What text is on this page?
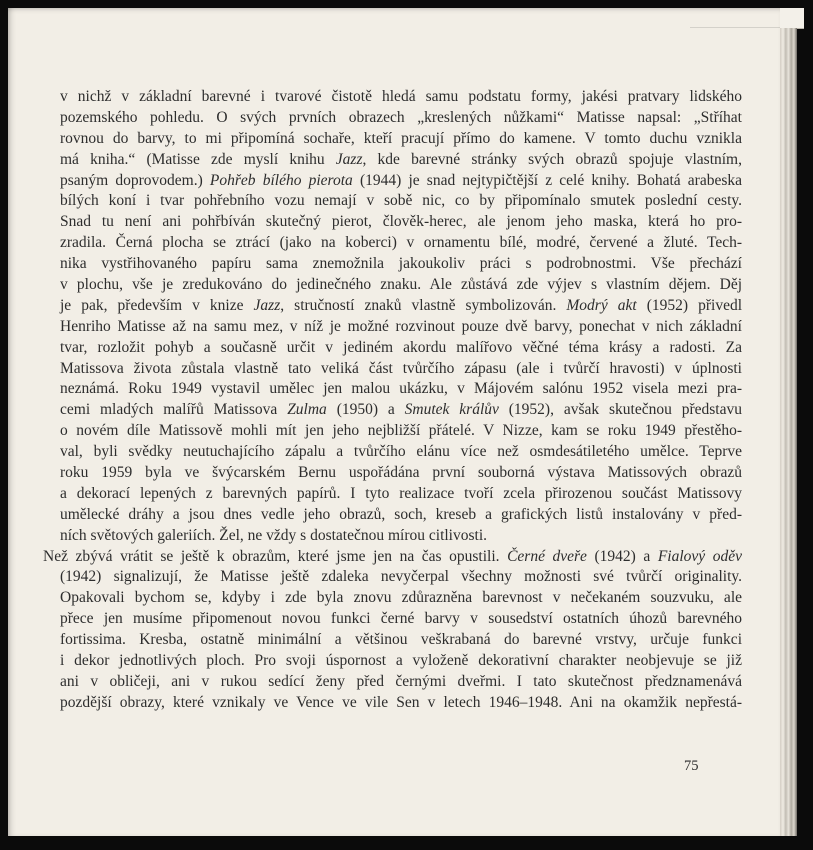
v nichž v základní barevné i tvarové čistotě hledá samu podstatu formy, jakési pratvary lidského
pozemského pohledu. O svých prvních obrazech „kreslených nůžkami“ Matisse napsal: „Stříhat
rovnou do barvy, to mi připomíná sochaře, kteří pracují přímo do kamene. V tomto duchu vznikla
má kniha.“ (Matisse zde myslí knihu Jazz, kde barevné stránky svých obrazů spojuje vlastním,
psaným doprovodem.) Pohřeb bílého pierota (1944) je snad nejtypičtější z celé knihy. Bohatá arabeska
bílých koní i tvar pohřebního vozu nemají v sobě nic, co by připomínalo smutek poslední cesty.
Snad tu není ani pohřbíván skutečný pierot, člověk-herec, ale jenom jeho maska, která ho pro-
zradila. Černá plocha se ztrácí (jako na koberci) v ornamentu bílé, modré, červené a žluté. Tech-
nika vystřihovaného papíru sama znemožnila jakoukoliv práci s podrobnostmi. Vše přechází
v plochu, vše je zredukováno do jedinečného znaku. Ale zůstává zde výjev s vlastním dějem. Děj
je pak, především v knize Jazz, stručností znaků vlastně symbolizován. Modrý akt (1952) přivedl
Henriho Matisse až na samu mez, v níž je možné rozvinout pouze dvě barvy, ponechat v nich základní
tvar, rozložit pohyb a současně určit v jediném akordu malířovo věčné téma krásy a radosti. Za
Matissova života zůstala vlastně tato veliká část tvůrčího zápasu (ale i tvůrčí hravosti) v úplnosti
neznámá. Roku 1949 vystavil umělec jen malou ukázku, v Májovém salónu 1952 visela mezi pra-
cemi mladých malířů Matissova Zulma (1950) a Smutek králův (1952), avšak skutečnou představu
o novém díle Matissově mohli mít jen jeho nejbližší přátelé. V Nizze, kam se roku 1949 přestěho-
val, byli svědky neutuchajícího zápalu a tvůrčího elánu více než osmdesátiletého umělce. Teprve
roku 1959 byla ve švýcarském Bernu uspořádána první souborná výstava Matissových obrazů
a dekorací lepených z barevných papírů. I tyto realizace tvoří zcela přirozenou součást Matissovy
umělecké dráhy a jsou dnes vedle jeho obrazů, soch, kreseb a grafických listů instalovány v před-
ních světových galeriích. Žel, ne vždy s dostatečnou mírou citlivosti.
Než zbývá vrátit se ještě k obrazům, které jsme jen na čas opustili. Černé dveře (1942) a Fialový oděv
(1942) signalizují, že Matisse ještě zdaleka nevyčerpal všechny možnosti své tvůrčí originality.
Opakovali bychom se, kdyby i zde byla znovu zdůrazněna barevnost v nečekaném souzvuku, ale
přece jen musíme připomenout novou funkci černé barvy v sousedství ostatních úhozů barevného
fortissima. Kresba, ostatně minimální a většinou veškrabaná do barevné vrstvy, určuje funkci
i dekor jednotlivých ploch. Pro svoji úspornost a vyloženě dekorativní charakter neobjevuje se již
ani v obličeji, ani v rukou sedící ženy před černými dveřmi. I tato skutečnost předznamenává
pozdější obrazy, které vznikaly ve Vence ve vile Sen v letech 1946–1948. Ani na okamžik nepřestá-
75
